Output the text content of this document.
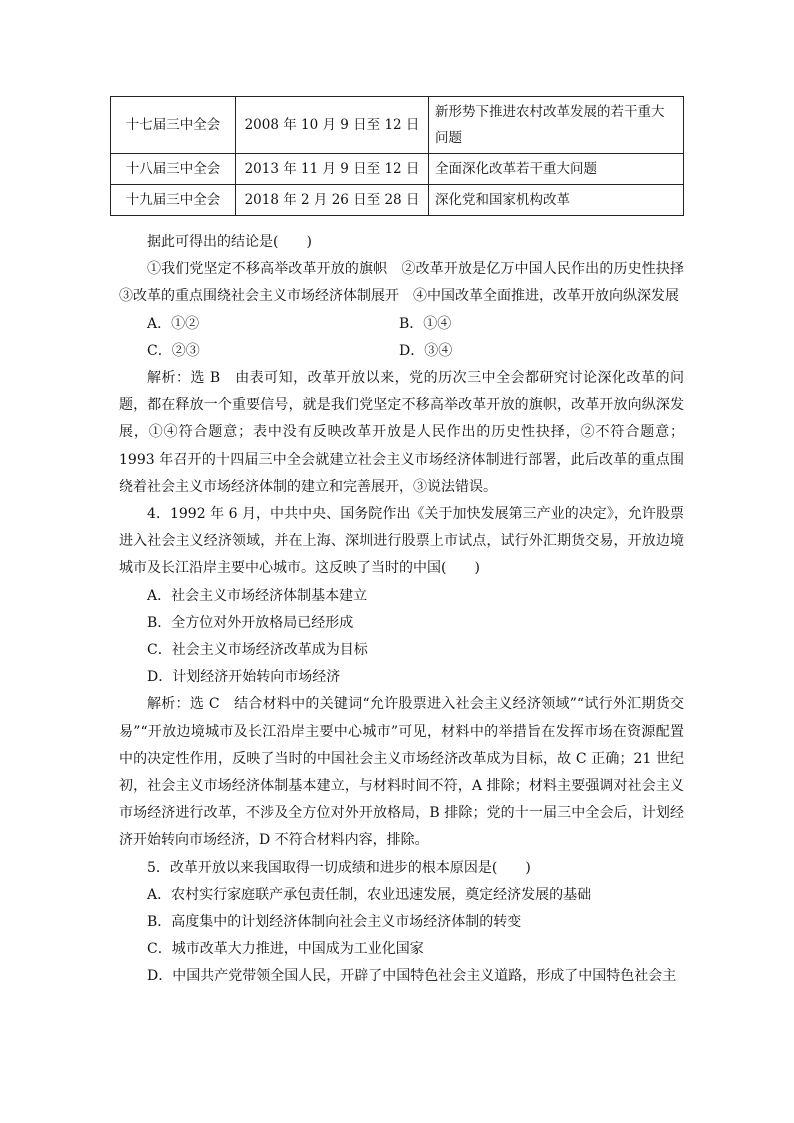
十七届三中全会	2008 年 10 月 9 日至 12 日	新形势下推进农村改革发展的若干重大问题
十八届三中全会	2013 年 11 月 9 日至 12 日	全面深化改革若干重大问题
十九届三中全会	2018 年 2 月 26 日至 28 日	深化党和国家机构改革

据此可得出的结论是(　　)

①我们党坚定不移高举改革开放的旗帜　②改革开放是亿万中国人民作出的历史性抉择　③改革的重点围绕社会主义市场经济体制展开　④中国改革全面推进，改革开放向纵深发展

A．①②	B．①④
C．②③	D．③④

解析：选 B　由表可知，改革开放以来，党的历次三中全会都研究讨论深化改革的问题，都在释放一个重要信号，就是我们党坚定不移高举改革开放的旗帜，改革开放向纵深发展，①④符合题意；表中没有反映改革开放是人民作出的历史性抉择，②不符合题意；1993 年召开的十四届三中全会就建立社会主义市场经济体制进行部署，此后改革的重点围绕着社会主义市场经济体制的建立和完善展开，③说法错误。

4．1992 年 6 月，中共中央、国务院作出《关于加快发展第三产业的决定》，允许股票进入社会主义经济领域，并在上海、深圳进行股票上市试点，试行外汇期货交易，开放边境城市及长江沿岸主要中心城市。这反映了当时的中国(　　)

A．社会主义市场经济体制基本建立

B．全方位对外开放格局已经形成

C．社会主义市场经济改革成为目标

D．计划经济开始转向市场经济

解析：选 C　结合材料中的关键词“允许股票进入社会主义经济领域”“试行外汇期货交易”“开放边境城市及长江沿岸主要中心城市”可见，材料中的举措旨在发挥市场在资源配置中的决定性作用，反映了当时的中国社会主义市场经济改革成为目标，故 C 正确；21 世纪初，社会主义市场经济体制基本建立，与材料时间不符，A 排除；材料主要强调对社会主义市场经济进行改革，不涉及全方位对外开放格局，B 排除；党的十一届三中全会后，计划经济开始转向市场经济，D 不符合材料内容，排除。

5．改革开放以来我国取得一切成绩和进步的根本原因是(　　)

A．农村实行家庭联产承包责任制，农业迅速发展，奠定经济发展的基础

B．高度集中的计划经济体制向社会主义市场经济体制的转变

C．城市改革大力推进，中国成为工业化国家

D．中国共产党带领全国人民，开辟了中国特色社会主义道路，形成了中国特色社会主
